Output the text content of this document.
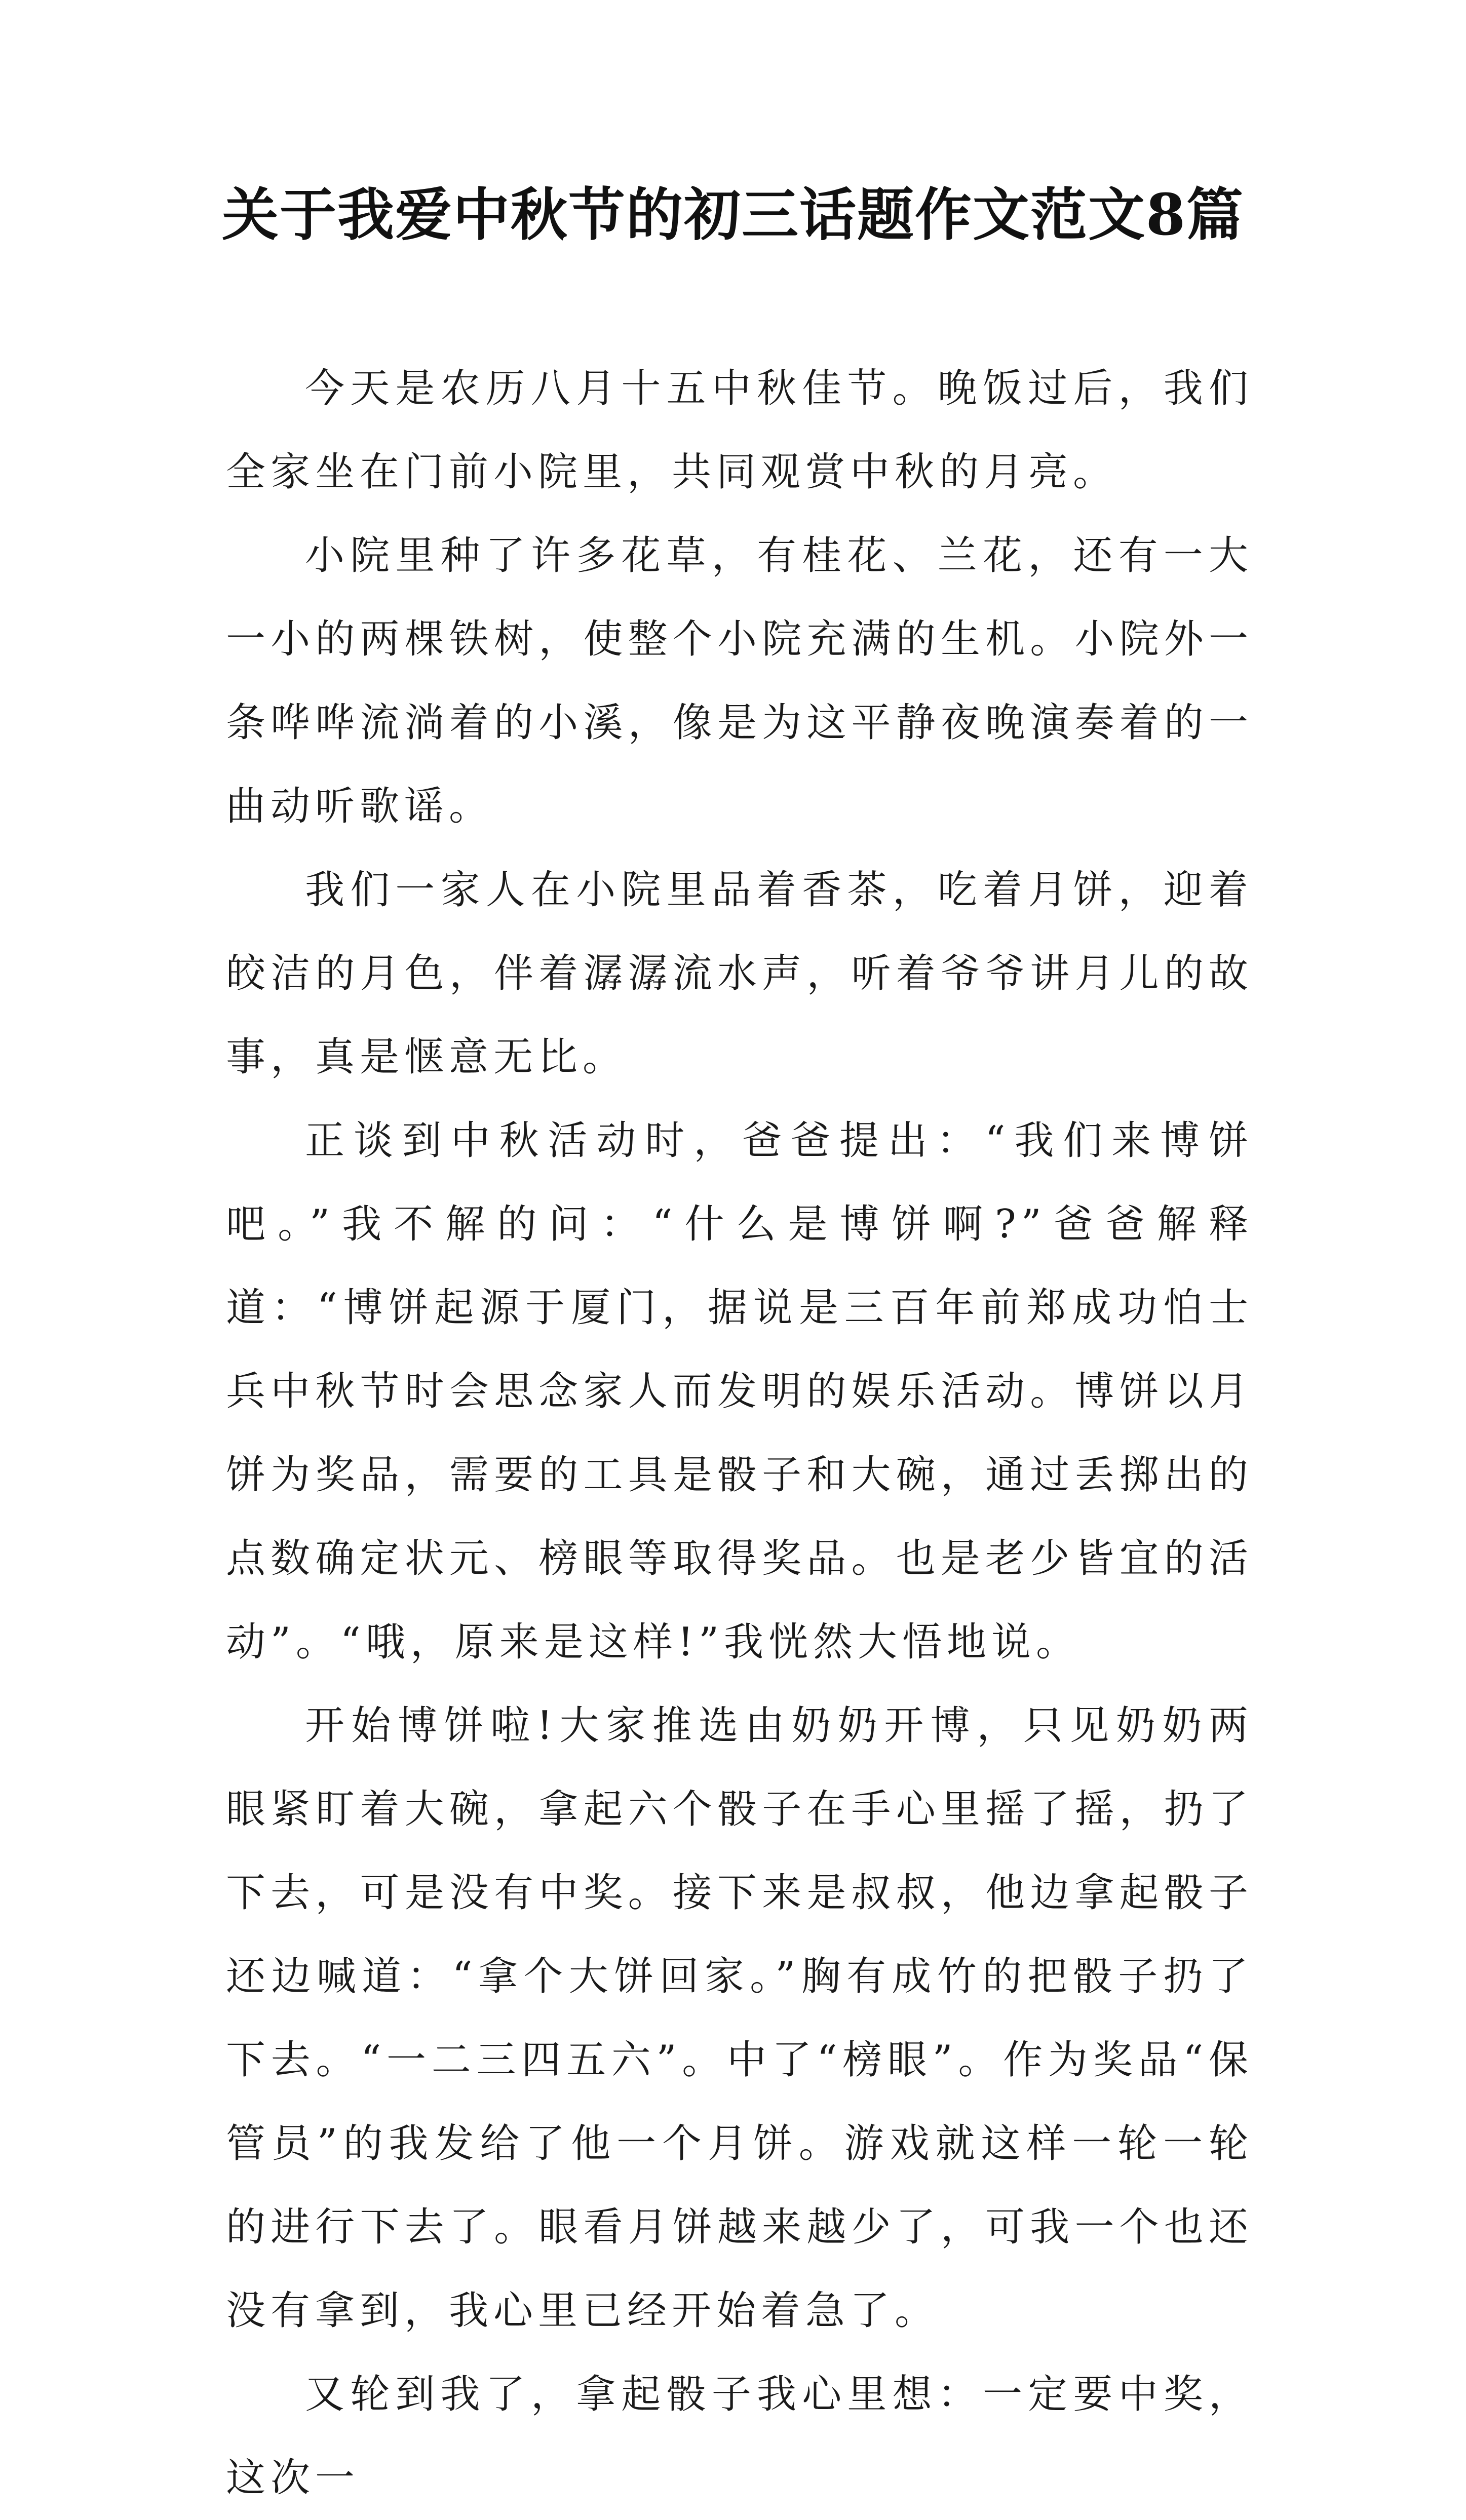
关于我爱中秋节的初三话题作文范文8篇

今天是农历八月十五中秋佳节。晚饭过后，我们全家坐在门前小院里，共同观赏中秋的月亮。

小院里种了许多花草，有桂花、兰花，还有一大一小的两棵铁树，使整个小院充满的生机。小院外一条哗哗流淌着的小溪，像是为这平静夜晚演奏着的一曲动听歌谣。

我们一家人在小院里品着香茶，吃着月饼，迎着皎洁的月色，伴着潺潺流水声，听着爷爷讲月儿的故事，真是惬意无比。

正谈到中秋活动时，爸爸提出：“我们来博饼吧。”我不解的问：“什么是博饼啊?”爸爸解释道：“博饼起源于厦门，据说是三百年前郑成功怕士兵中秋节时会思念家人而发明的娱乐活动。博饼以月饼为奖品，需要的工具是骰子和大碗，通过丢掷出的点数确定状元、榜眼等取得奖品。也是老少皆宜的活动”。“哦，原来是这样!”我恍然大悟地说。

开始博饼啦!大家推选由奶奶开博，只见奶奶两眼紧盯着大碗，拿起六个骰子在手心里摇了摇，扔了下去，可是没有中奖。接下来是叔叔，他边拿起骰子还边喊道：“拿个大饼回家。”胸有成竹的把骰子扔了下去。“一二三四五六”。中了“榜眼”。作为奖品“保管员”的我发给了他一个月饼。游戏就这样一轮一轮的进行下去了。眼看月饼越来越少了，可我一个也还没有拿到，我心里已经开始着急了。

又轮到我了，拿起骰子我心里想：一定要中奖，这次一
